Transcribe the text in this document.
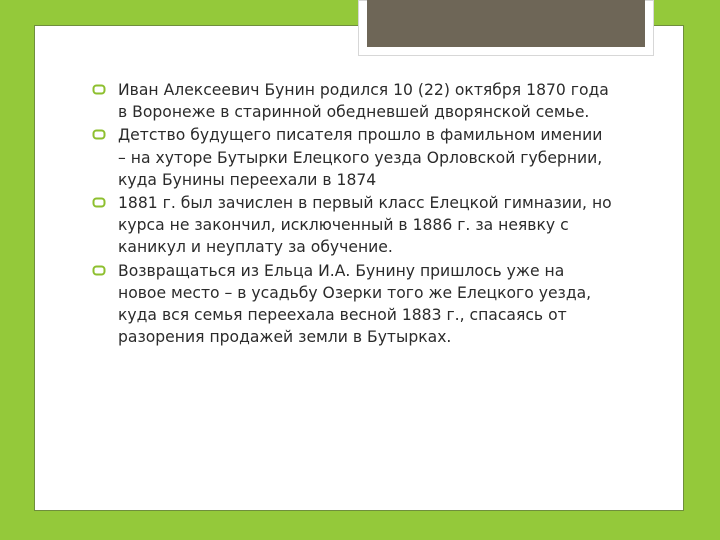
Иван Алексеевич Бунин родился 10 (22) октября 1870 года в Воронеже в старинной обедневшей дворянской семье.
Детство будущего писателя прошло в фамильном имении – на хуторе Бутырки Елецкого уезда Орловской губернии, куда Бунины переехали в 1874
1881 г. был зачислен в первый класс Елецкой гимназии, но курса не закончил, исключенный в 1886 г. за неявку с каникул и неуплату за обучение.
Возвращаться из Ельца И.А. Бунину пришлось уже на новое место – в усадьбу Озерки того же Елецкого уезда, куда вся семья переехала весной 1883 г., спасаясь от разорения продажей земли в Бутырках.
